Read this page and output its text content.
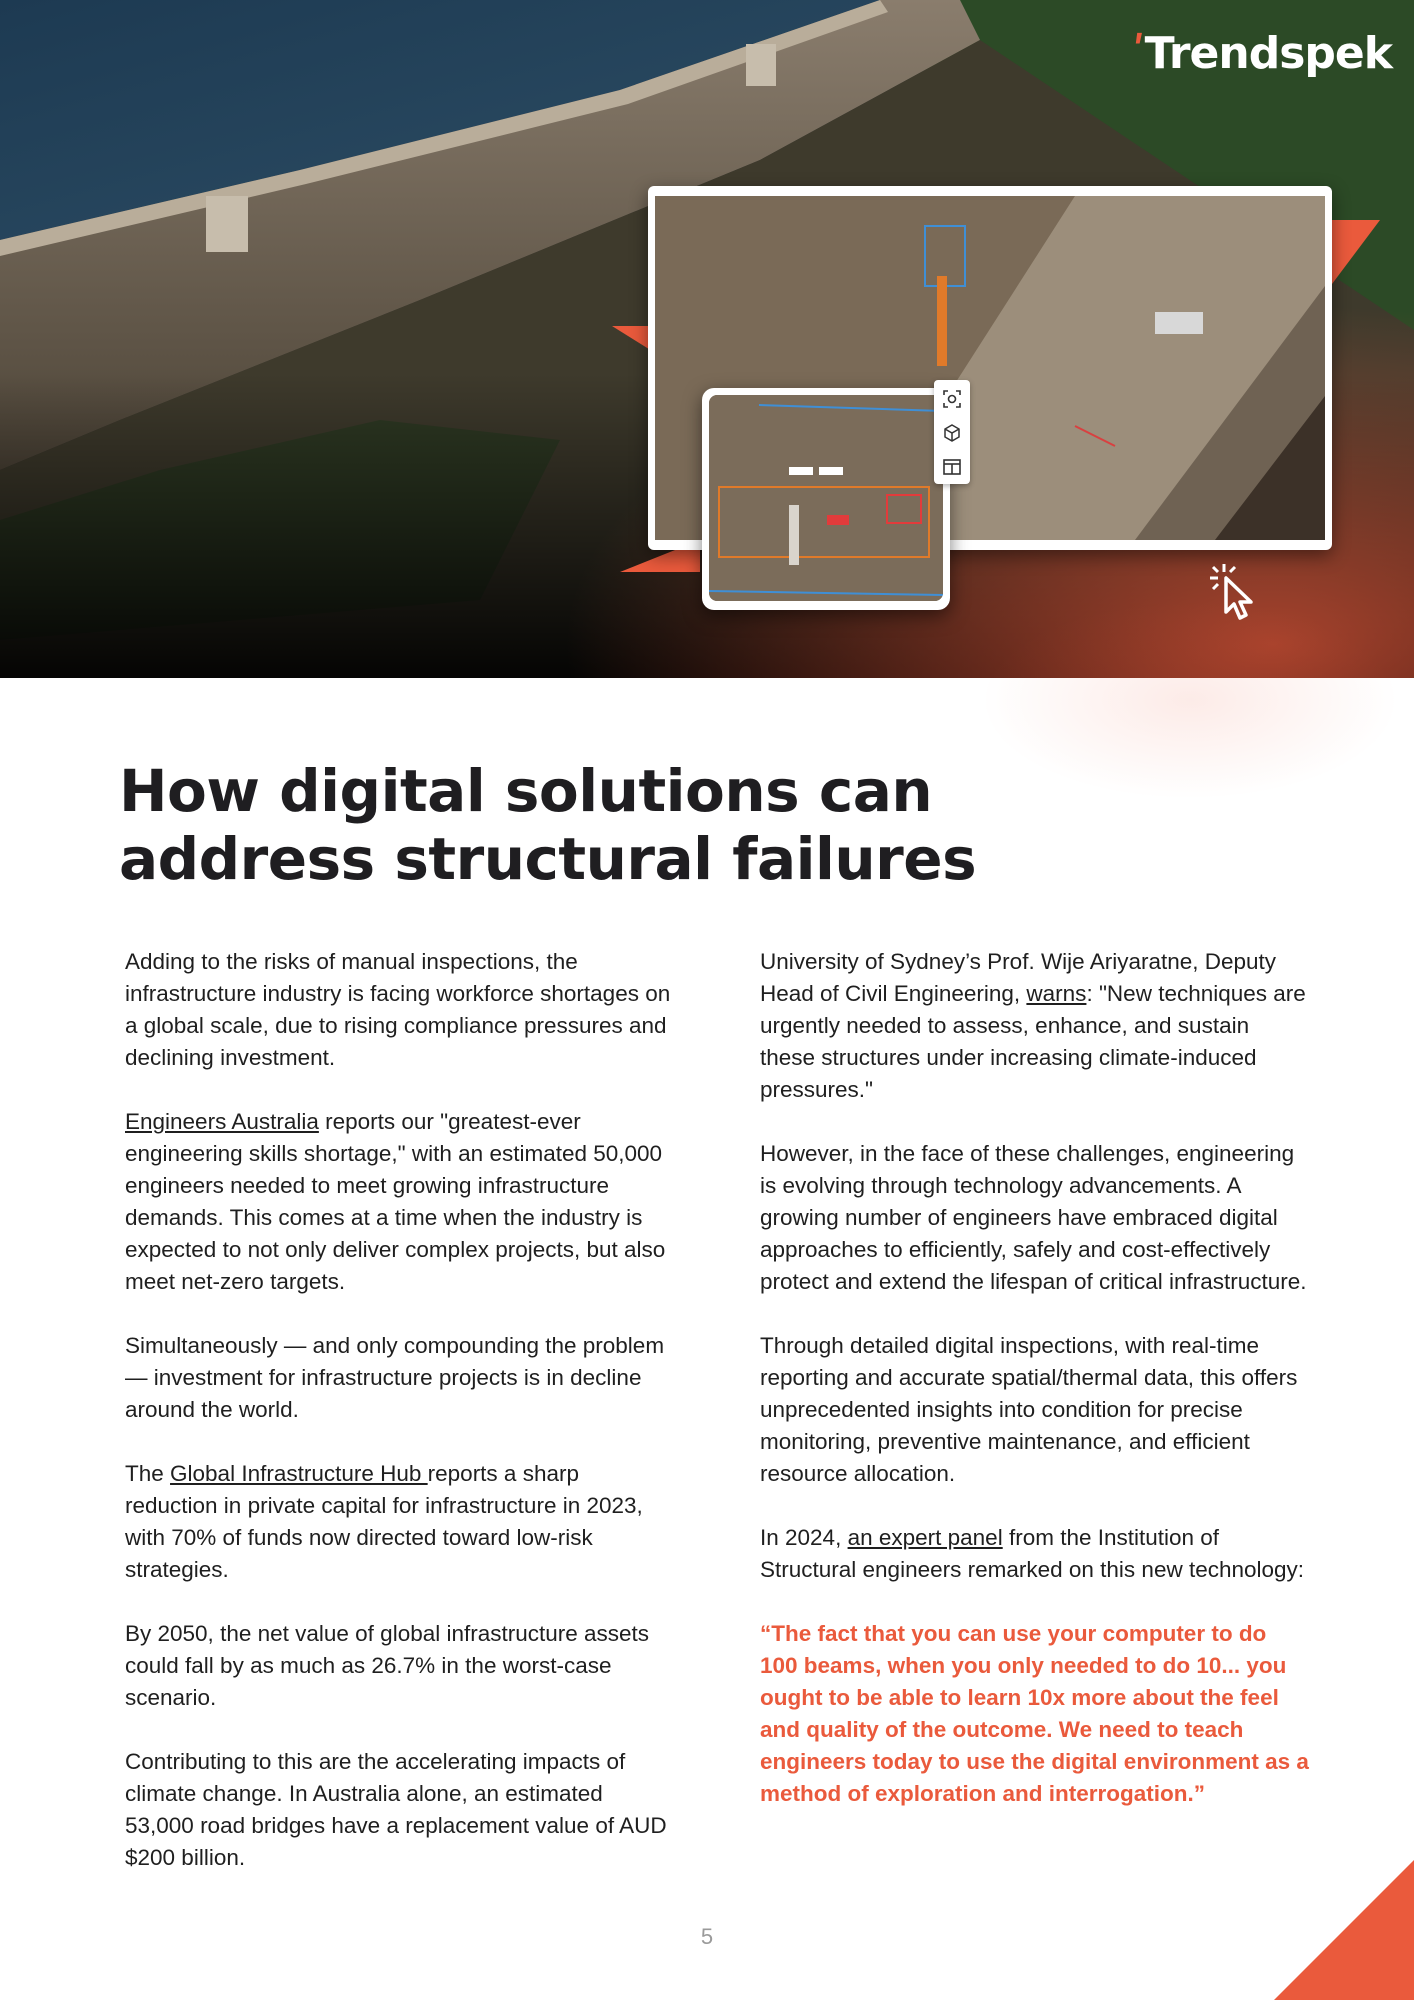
ʹTrendspek
How digital solutions can address structural failures

Adding to the risks of manual inspections, the infrastructure industry is facing workforce shortages on a global scale, due to rising compliance pressures and declining investment.

Engineers Australia reports our "greatest-ever engineering skills shortage," with an estimated 50,000 engineers needed to meet growing infrastructure demands. This comes at a time when the industry is expected to not only deliver complex projects, but also meet net-zero targets.

Simultaneously — and only compounding the problem — investment for infrastructure projects is in decline around the world.

The Global Infrastructure Hub reports a sharp reduction in private capital for infrastructure in 2023, with 70% of funds now directed toward low-risk strategies.

By 2050, the net value of global infrastructure assets could fall by as much as 26.7% in the worst-case scenario.

Contributing to this are the accelerating impacts of climate change. In Australia alone, an estimated 53,000 road bridges have a replacement value of AUD $200 billion.

University of Sydney’s Prof. Wije Ariyaratne, Deputy Head of Civil Engineering, warns: "New techniques are urgently needed to assess, enhance, and sustain these structures under increasing climate-induced pressures."

However, in the face of these challenges, engineering is evolving through technology advancements. A growing number of engineers have embraced digital approaches to efficiently, safely and cost-effectively protect and extend the lifespan of critical infrastructure.

Through detailed digital inspections, with real-time reporting and accurate spatial/thermal data, this offers unprecedented insights into condition for precise monitoring, preventive maintenance, and efficient resource allocation.

In 2024, an expert panel from the Institution of Structural engineers remarked on this new technology:

“The fact that you can use your computer to do 100 beams, when you only needed to do 10... you ought to be able to learn 10x more about the feel and quality of the outcome. We need to teach engineers today to use the digital environment as a method of exploration and interrogation.”

5
